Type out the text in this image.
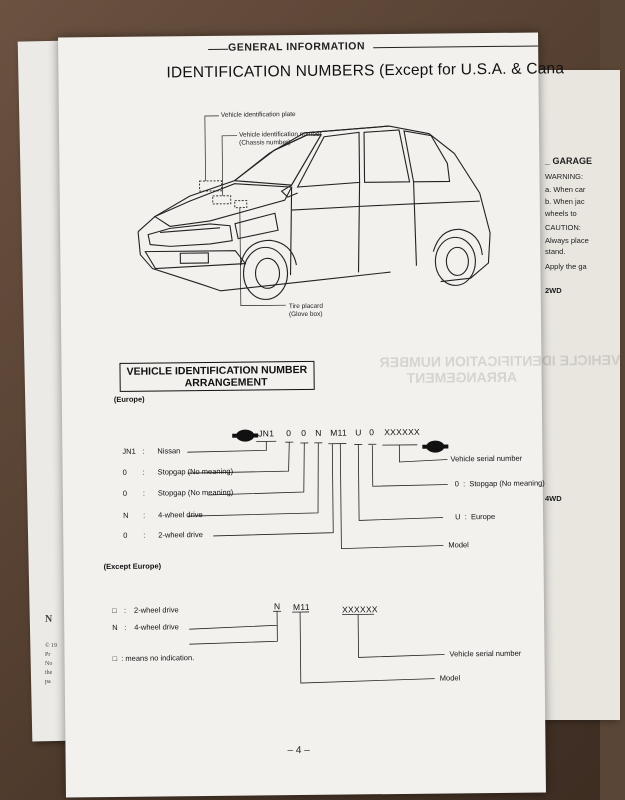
N
© 19
Pr
No
the
pa
_ GARAGE
WARNING:
a. When car
b. When jac
wheels to
CAUTION:
Always place
stand.
Apply the ga
2WD
4WD
VEHICLE IDENTIFICATION NUMBER
ARRANGEMENT
GENERAL INFORMATION
IDENTIFICATION NUMBERS (Except for U.S.A. & Cana
Vehicle identification plate
Vehicle identification number
(Chassis number)
Tire placard
(Glove box)
VEHICLE IDENTIFICATION NUMBER
ARRANGEMENT
(Europe)
JN1 0 0 N M11 U 0 XXXXXX
JN1 : Nissan
0 : Stopgap (No meaning)
0 : Stopgap (No meaning)
N : 4-wheel drive
0 : 2-wheel drive
Vehicle serial number
0  :  Stopgap (No meaning)
U  :  Europe
Model
(Except Europe)
N M11	XXXXXX
□ : 2-wheel drive
N : 4-wheel drive
□ : means no indication.	Vehicle serial number
Model
– 4 –
